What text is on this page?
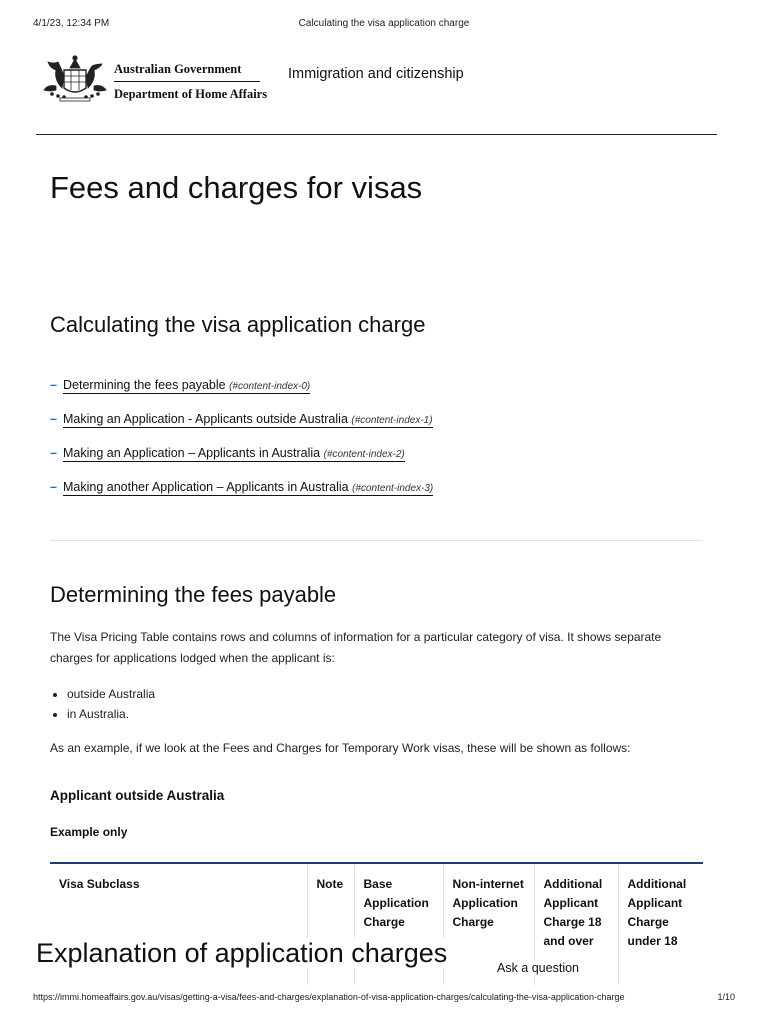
4/1/23, 12:34 PM	Calculating the visa application charge
Australian Government
Department of Home Affairs
Immigration and citizenship
Fees and charges for visas
Calculating the visa application charge
– Determining the fees payable (#content-index-0)
– Making an Application - Applicants outside Australia (#content-index-1)
– Making an Application – Applicants in Australia (#content-index-2)
– Making another Application – Applicants in Australia (#content-index-3)
Determining the fees payable

The Visa Pricing Table contains rows and columns of information for a particular category of visa. It shows separate charges for applications lodged when the applicant is:

• outside Australia
• in Australia.

As an example, if we look at the Fees and Charges for Temporary Work visas, these will be shown as follows:

Applicant outside Australia

Example only

Visa Subclass	Note	Base Application Charge	Non-internet Application Charge	Additional Applicant Charge 18 and over	Additional Applicant Charge under 18
Explanation of application charges	Ask a question
https://immi.homeaffairs.gov.au/visas/getting-a-visa/fees-and-charges/explanation-of-visa-application-charges/calculating-the-visa-application-charge	1/10
